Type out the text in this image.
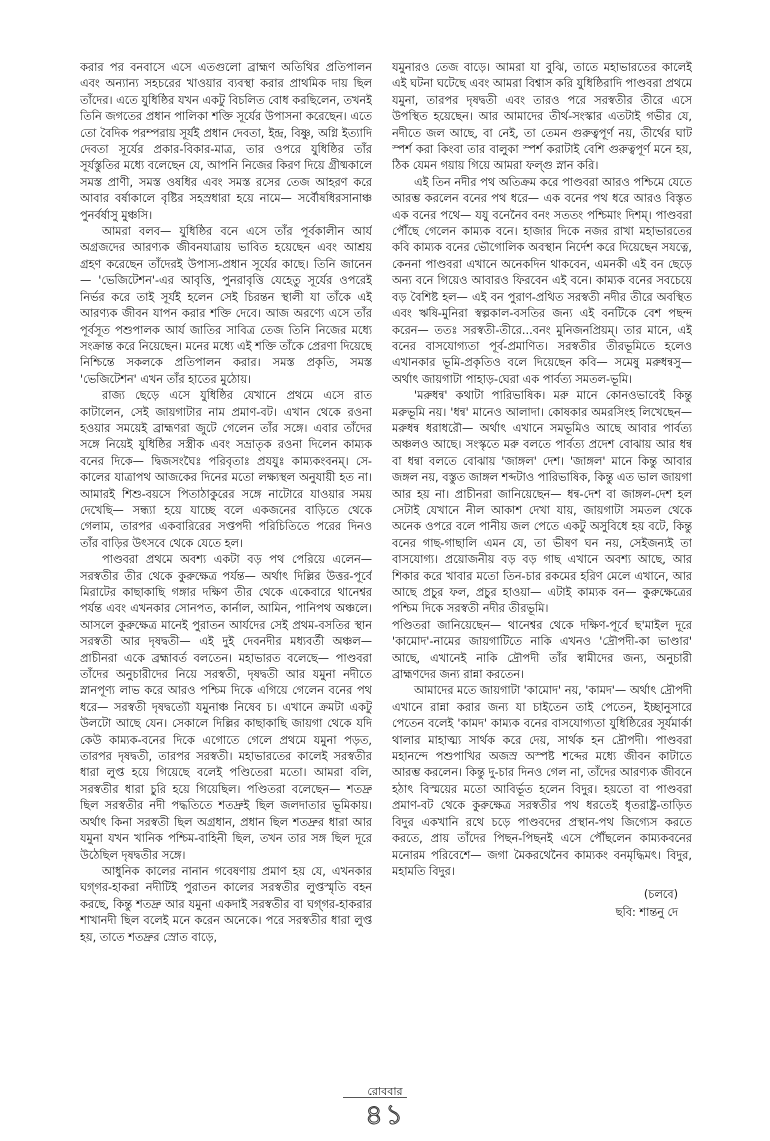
করার পর বনবাসে এসে এতগুলো ব্রাহ্মণ অতিথির প্রতিপালন এবং অন্যান্য সহচরের খাওয়ার ব্যবস্থা করার প্রাথমিক দায় ছিল তাঁদের। এতে যুধিষ্ঠির যখন একটু বিচলিত বোধ করছিলেন, তখনই তিনি জগতের প্রধান পালিকা শক্তি সূর্যের উপাসনা করেছেন। এতে তো বৈদিক পরম্পরায় সূর্যই প্রধান দেবতা, ইন্দ্র, বিষ্ণু, অগ্নি ইত্যাদি দেবতা সূর্যের প্রকার-বিকার-মাত্র, তার ওপরে যুধিষ্ঠির তাঁর সূর্যস্তুতির মধ্যে বলেছেন যে, আপনি নিজের কিরণ দিয়ে গ্রীষ্মকালে সমস্ত প্রাণী, সমস্ত ওষধির এবং সমস্ত রসের তেজ আহরণ করে আবার বর্ষাকালে বৃষ্টির সহস্রধারা হয়ে নামে— সর্বৌষধিরসানাঞ্চ পুনর্বর্ষাসু মুঞ্চসি।

আমরা বলব— যুধিষ্ঠির বনে এসে তাঁর পূর্বকালীন আর্য অগ্রজদের আরণ্যক জীবনযাত্রায় ভাবিত হয়েছেন এবং আশ্রয় গ্রহণ করেছেন তাঁদেরই উপাস্য-প্রধান সূর্যের কাছে। তিনি জানেন— 'ভেজিটেশন'-এর আবৃত্তি, পুনরাবৃত্তি যেহেতু সূর্যের ওপরেই নির্ভর করে তাই সূর্যই হলেন সেই চিরন্তন স্থালী যা তাঁকে এই আরণ্যক জীবন যাপন করার শক্তি দেবে। আজ অরণ্যে এসে তাঁর পূর্বসূত পশুপালক আর্য জাতির সাবিত্র তেজ তিনি নিজের মধ্যে সংক্রান্ত করে নিয়েছেন। মনের মধ্যে এই শক্তি তাঁকে প্রেরণা দিয়েছে নিশ্চিন্তে সকলকে প্রতিপালন করার। সমস্ত প্রকৃতি, সমস্ত 'ভেজিটেশন' এখন তাঁর হাতের মুঠোয়।

রাজ্য ছেড়ে এসে যুধিষ্ঠির যেখানে প্রথমে এসে রাত কাটালেন, সেই জায়গাটার নাম প্রমাণ-বট। এখান থেকে রওনা হওয়ার সময়েই ব্রাহ্মণরা জুটে গেলেন তাঁর সঙ্গে। এবার তাঁদের সঙ্গে নিয়েই যুধিষ্ঠির সস্ত্রীক এবং সভ্রাতৃক রওনা দিলেন কাম্যক বনের দিকে— দ্বিজসংঘৈঃ পরিবৃতাঃ প্রযযুঃ কাম্যকংবনম্। সে-কালের যাত্রাপথ আজকের দিনের মতো লক্ষ্যস্থল অনুযায়ী হত না। আমারই শিশু-বয়সে পিতাঠাকুরের সঙ্গে নাটোরে যাওয়ার সময় দেখেছি— সন্ধ্যা হয়ে যাচ্ছে বলে একজনের বাড়িতে থেকে গেলাম, তারপর একবারিরের সপ্তপদী পরিচিতিতে পরের দিনও তাঁর বাড়ির উৎসবে থেকে যেতে হল।

পাণ্ডবরা প্রথমে অবশ্য একটা বড় পথ পেরিয়ে এলেন— সরস্বতীর তীর থেকে কুরুক্ষেত্র পর্যন্ত— অর্থাৎ দিল্লির উত্তর-পূর্বে মিরাটের কাছাকাছি গঙ্গার দক্ষিণ তীর থেকে একেবারে থানেশ্বর পর্যন্ত এবং এখনকার সোনপত, কার্নাল, আমিন, পানিপথ অঞ্চলে। আসলে কুরুক্ষেত্র মানেই পুরাতন আর্যদের সেই প্রথম-বসতির স্থান সরস্বতী আর দৃষদ্বতী— এই দুই দেবনদীর মধ্যবর্তী অঞ্চল— প্রাচীনরা একে ব্রহ্মাবর্ত বলতেন। মহাভারত বলেছে— পাণ্ডবরা তাঁদের অনুচারীদের নিয়ে সরস্বতী, দৃষদ্বতী আর যমুনা নদীতে স্নানপূণ্য লাভ করে আরও পশ্চিম দিকে এগিয়ে গেলেন বনের পথ ধরে— সরস্বতী দৃষদ্বত্যৌ যমুনাঞ্চ নিষেব চ। এখানে ক্রমটা একটু উলটো আছে যেন। সেকালে দিল্লির কাছাকাছি জায়গা থেকে যদি কেউ কাম্যক-বনের দিকে এগোতে গেলে প্রথমে যমুনা পড়ত, তারপর দৃষদ্বতী, তারপর সরস্বতী। মহাভারতের কালেই সরস্বতীর ধারা লুপ্ত হয়ে গিয়েছে বলেই পণ্ডিতেরা মতো। আমরা বলি, সরস্বতীর ধারা চুরি হয়ে গিয়েছিল। পণ্ডিতরা বলেছেন— শতদ্রু ছিল সরস্বতীর নদী পদ্ধতিতে শতদ্রুই ছিল জলদাতার ভূমিকায়। অর্থাৎ কিনা সরস্বতী ছিল অগ্রধান, প্রধান ছিল শতদ্রুর ধারা আর যমুনা যখন খানিক পশ্চিম-বাহিনী ছিল, তখন তার সঙ্গ ছিল দূরে উঠেছিল দৃষদ্বতীর সঙ্গে।

আধুনিক কালের নানান গবেষণায় প্রমাণ হয় যে, এখনকার ঘগ্‌গর-হাকরা নদীটিই পুরাতন কালের সরস্বতীর লুপ্তস্মৃতি বহন করছে, কিন্তু শতদ্রু আর যমুনা একদাই সরস্বতীর বা ঘগ্‌গর-হাকরার শাখানদী ছিল বলেই মনে করেন অনেকে। পরে সরস্বতীর ধারা লুপ্ত হয়, তাতে শতদ্রুর স্রোত বাড়ে,

যমুনারও তেজ বাড়ে। আমরা যা বুঝি, তাতে মহাভারতের কালেই এই ঘটনা ঘটেছে এবং আমরা বিশ্বাস করি যুধিষ্ঠিরাদি পাণ্ডবরা প্রথমে যমুনা, তারপর দৃষদ্বতী এবং তারও পরে সরস্বতীর তীরে এসে উপস্থিত হয়েছেন। আর আমাদের তীর্থ-সংস্কার এতটাই গভীর যে, নদীতে জল আছে, বা নেই, তা তেমন গুরুত্বপূর্ণ নয়, তীর্থের ঘাট স্পর্শ করা কিংবা তার বালুকা স্পর্শ করাটাই বেশি গুরুত্বপূর্ণ মনে হয়, ঠিক যেমন গয়ায় গিয়ে আমরা ফল্গু স্নান করি।

এই তিন নদীর পথ অতিক্রম করে পাণ্ডবরা আরও পশ্চিমে যেতে আরম্ভ করলেন বনের পথ ধরে— এক বনের পথ ধরে আরও বিস্তৃত এক বনের পথে— যযু বনেনৈব বনং সততং পশ্চিমাং দিশম্। পাণ্ডবরা পৌঁছে গেলেন কাম্যক বনে। হাজার দিকে নজর রাখা মহাভারতের কবি কাম্যক বনের ভৌগোলিক অবস্থান নির্দেশ করে দিয়েছেন সযত্নে, কেননা পাণ্ডবরা এখানে অনেকদিন থাকবেন, এমনকী এই বন ছেড়ে অন্য বনে গিয়েও আবারও ফিরবেন এই বনে। কাম্যক বনের সবচেয়ে বড় বৈশিষ্ট হল— এই বন পুরাণ-প্রথিত সরস্বতী নদীর তীরে অবস্থিত এবং ঋষি-মুনিরা স্বল্পকাল-বসতির জন্য এই বনটিকে বেশ পছন্দ করেন— ততঃ সরস্বতী-তীরে...বনং মুনিজনপ্রিয়ম্। তার মানে, এই বনের বাসযোগ্যতা পূর্ব-প্রমাণিত। সরস্বতীর তীরভূমিতে হলেও এখানকার ভূমি-প্রকৃতিও বলে দিয়েছেন কবি— সমেষু মরুধন্বসু— অর্থাৎ জায়গাটা পাহাড়-ঘেরা এক পার্বত্য সমতল-ভূমি।

'মরুধন্ব' কথাটা পারিভাষিক। মরু মানে কোনওভাবেই কিন্তু মরুভূমি নয়। 'ধন্ব' মানেও আলাদা। কোষকার অমরসিংহ লিখেছেন— মরুধন্ব ধরাধরৌ— অর্থাৎ এখানে সমভূমিও আছে আবার পার্বত্য অঞ্চলও আছে। সংস্কৃতে মরু বলতে পার্বত্য প্রদেশ বোঝায় আর ধন্ব বা ধন্বা বলতে বোঝায় 'জাঙ্গল' দেশ। 'জাঙ্গল' মানে কিন্তু আবার জঙ্গল নয়, বস্তুত জাঙ্গল শব্দটাও পারিভাষিক, কিন্তু এত ভাল জায়গা আর হয় না। প্রাচীনরা জানিয়েছেন— ধন্ব-দেশ বা জাঙ্গল-দেশ হল সেটাই যেখানে নীল আকাশ দেখা যায়, জায়গাটা সমতল থেকে অনেক ওপরে বলে পানীয় জল পেতে একটু অসুবিধে হয় বটে, কিন্তু বনের গাছ-গাছালি এমন যে, তা ভীষণ ঘন নয়, সেইজন্যই তা বাসযোগ্য। প্রয়োজনীয় বড় বড় গাছ এখানে অবশ্য আছে, আর শিকার করে খাবার মতো তিন-চার রকমের হরিণ মেলে এখানে, আর আছে প্রচুর ফল, প্রচুর হাওয়া— এটাই কাম্যক বন— কুরুক্ষেত্রের পশ্চিম দিকে সরস্বতী নদীর তীরভূমি।

পণ্ডিতরা জানিয়েছেন— থানেশ্বর থেকে দক্ষিণ-পূর্বে ছ'মাইল দূরে 'কামোদ'-নামের জায়গাটিতে নাকি এখনও 'দ্রৌপদী-কা ভাণ্ডার' আছে, এখানেই নাকি দ্রৌপদী তাঁর স্বামীদের জন্য, অনুচারী ব্রাহ্মণদের জন্য রান্না করতেন।

আমাদের মতে জায়গাটা 'কামোদ' নয়, 'কামদ'— অর্থাৎ দ্রৌপদী এখানে রান্না করার জন্য যা চাইতেন তাই পেতেন, ইচ্ছানুসারে পেতেন বলেই 'কামদ' কাম্যক বনের বাসযোগ্যতা যুধিষ্ঠিরের সূর্যমার্কা থালার মাহাত্ম্য সার্থক করে দেয়, সার্থক হন দ্রৌপদী। পাণ্ডবরা মহানন্দে পশুপাখির অজস্র অস্পষ্ট শব্দের মধ্যে জীবন কাটাতে আরম্ভ করলেন। কিন্তু দু-চার দিনও গেল না, তাঁদের আরণ্যক জীবনে হঠাৎ বিস্ময়ের মতো আবির্ভূত হলেন বিদুর। হয়তো বা পাণ্ডবরা প্রমাণ-বট থেকে কুরুক্ষেত্র সরস্বতীর পথ ধরতেই ধৃতরাষ্ট্র-তাড়িত বিদুর একখানি রথে চড়ে পাণ্ডবদের প্রস্থান-পথ জিগ্যেস করতে করতে, প্রায় তাঁদের পিছন-পিছনই এসে পৌঁছলেন কাম্যকবনের মনোরম পরিবেশে— জগা মৈকরথেনৈব কাম্যকং বনমৃদ্ধিমৎ। বিদুর, মহামতি বিদুর।

(চলবে)
ছবি: শান্তনু দে
রোববার
৪১
